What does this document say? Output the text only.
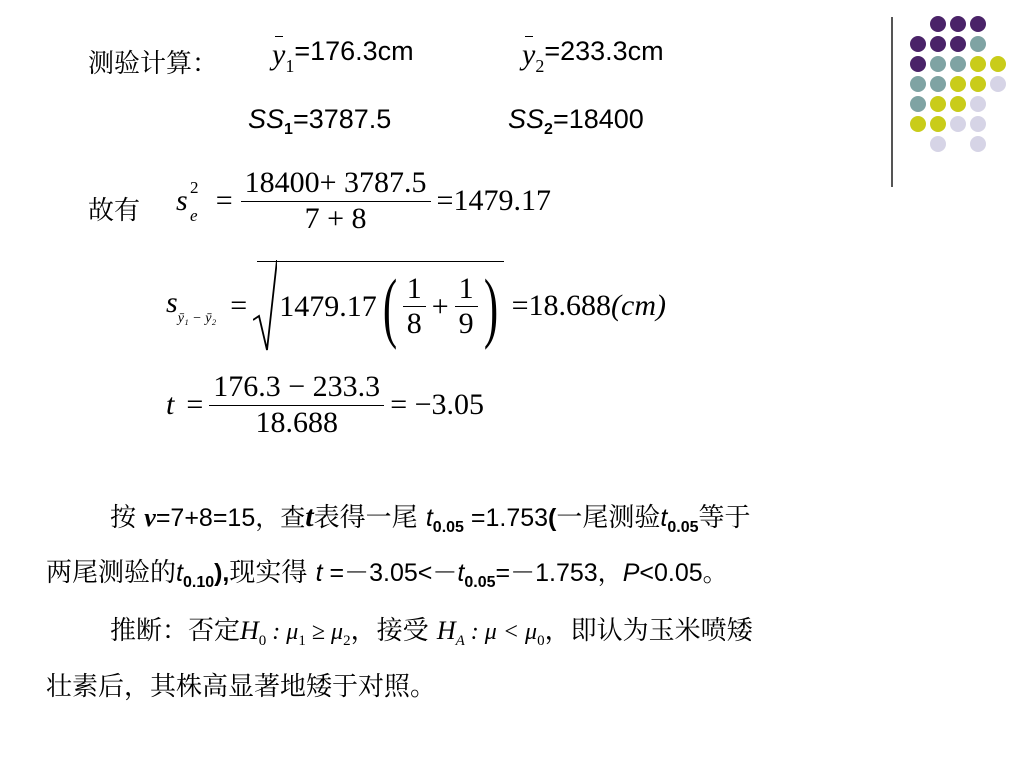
测验计算： y1=176.3cm	y2=233.3cm
$SS_1=3787.5$	$SS_2=18400$
故有 s 2
$e = \frac{18400+ 3787.5}{7 + 8} =1479.17$
$s_{ȳ_1 - ȳ_2} = 1479.17$ ( $\frac{1}{8} + \frac{1}{9}$ ) =18.688 (cm)
$t = \frac{176.3 - 233.3}{18.688} = -3.05$
按 ν=7+8=15，查t表得一尾 $t_{0.05} =1.753$(一尾测验$t_{0.05}$等于
两尾测验的$t_{0.10}$),现实得 $t =-3.05<-t_{0.05}=-1.753$，P<0.05。
推断：否定$H_0$ : $\mu_1 \ge \mu_2$，接受 $H_A$ : $\mu < \mu_0$，即认为玉米喷矮
壮素后，其株高显著地矮于对照。
